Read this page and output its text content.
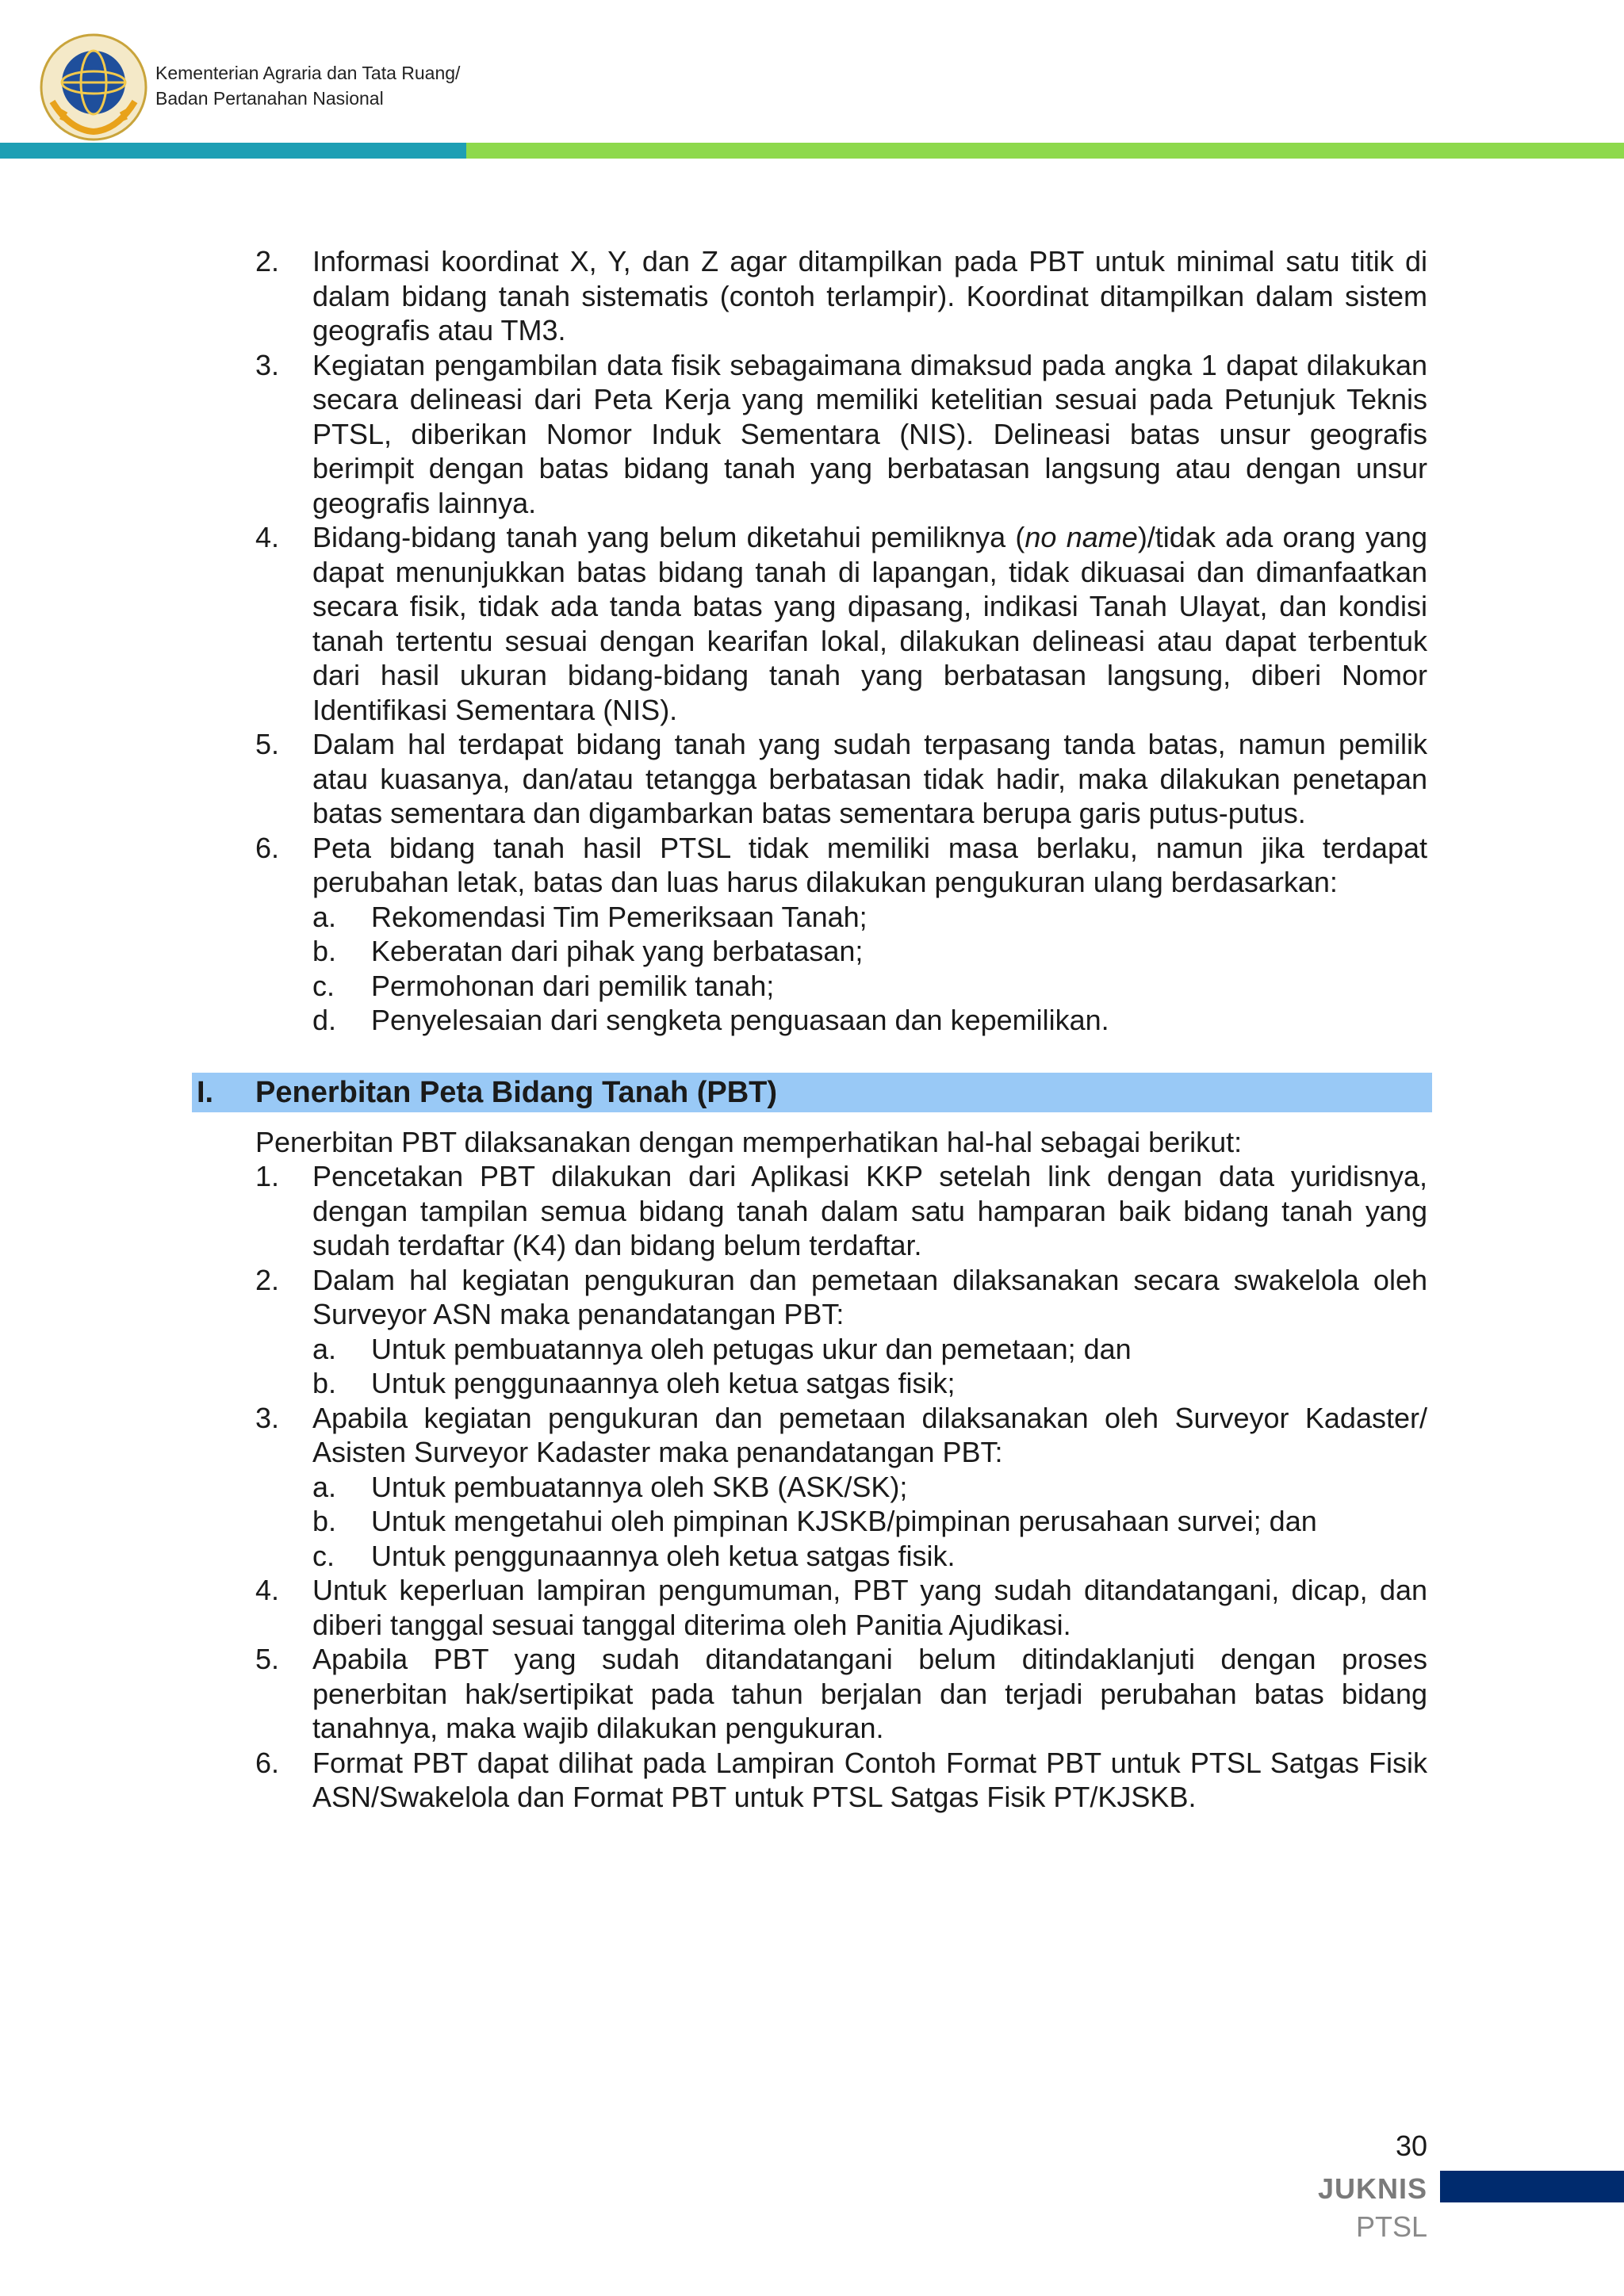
Kementerian Agraria dan Tata Ruang/
Badan Pertanahan Nasional
2. Informasi koordinat X, Y, dan Z agar ditampilkan pada PBT untuk minimal satu titik di dalam bidang tanah sistematis (contoh terlampir). Koordinat ditampilkan dalam sistem geografis atau TM3.
3. Kegiatan pengambilan data fisik sebagaimana dimaksud pada angka 1 dapat dilakukan secara delineasi dari Peta Kerja yang memiliki ketelitian sesuai pada Petunjuk Teknis PTSL, diberikan Nomor Induk Sementara (NIS). Delineasi batas unsur geografis berimpit dengan batas bidang tanah yang berbatasan langsung atau dengan unsur geografis lainnya.
4. Bidang-bidang tanah yang belum diketahui pemiliknya (no name)/tidak ada orang yang dapat menunjukkan batas bidang tanah di lapangan, tidak dikuasai dan dimanfaatkan secara fisik, tidak ada tanda batas yang dipasang, indikasi Tanah Ulayat, dan kondisi tanah tertentu sesuai dengan kearifan lokal, dilakukan delineasi atau dapat terbentuk dari hasil ukuran bidang-bidang tanah yang berbatasan langsung, diberi Nomor Identifikasi Sementara (NIS).
5. Dalam hal terdapat bidang tanah yang sudah terpasang tanda batas, namun pemilik atau kuasanya, dan/atau tetangga berbatasan tidak hadir, maka dilakukan penetapan batas sementara dan digambarkan batas sementara berupa garis putus-putus.
6. Peta bidang tanah hasil PTSL tidak memiliki masa berlaku, namun jika terdapat perubahan letak, batas dan luas harus dilakukan pengukuran ulang berdasarkan:
a. Rekomendasi Tim Pemeriksaan Tanah;
b. Keberatan dari pihak yang berbatasan;
c. Permohonan dari pemilik tanah;
d. Penyelesaian dari sengketa penguasaan dan kepemilikan.
I. Penerbitan Peta Bidang Tanah (PBT)
Penerbitan PBT dilaksanakan dengan memperhatikan hal-hal sebagai berikut:
1. Pencetakan PBT dilakukan dari Aplikasi KKP setelah link dengan data yuridisnya, dengan tampilan semua bidang tanah dalam satu hamparan baik bidang tanah yang sudah terdaftar (K4) dan bidang belum terdaftar.
2. Dalam hal kegiatan pengukuran dan pemetaan dilaksanakan secara swakelola oleh Surveyor ASN maka penandatangan PBT:
a. Untuk pembuatannya oleh petugas ukur dan pemetaan; dan
b. Untuk penggunaannya oleh ketua satgas fisik;
3. Apabila kegiatan pengukuran dan pemetaan dilaksanakan oleh Surveyor Kadaster/ Asisten Surveyor Kadaster maka penandatangan PBT:
a. Untuk pembuatannya oleh SKB (ASK/SK);
b. Untuk mengetahui oleh pimpinan KJSKB/pimpinan perusahaan survei; dan
c. Untuk penggunaannya oleh ketua satgas fisik.
4. Untuk keperluan lampiran pengumuman, PBT yang sudah ditandatangani, dicap, dan diberi tanggal sesuai tanggal diterima oleh Panitia Ajudikasi.
5. Apabila PBT yang sudah ditandatangani belum ditindaklanjuti dengan proses penerbitan hak/sertipikat pada tahun berjalan dan terjadi perubahan batas bidang tanahnya, maka wajib dilakukan pengukuran.
6. Format PBT dapat dilihat pada Lampiran Contoh Format PBT untuk PTSL Satgas Fisik ASN/Swakelola dan Format PBT untuk PTSL Satgas Fisik PT/KJSKB.
30
JUKNIS
PTSL
